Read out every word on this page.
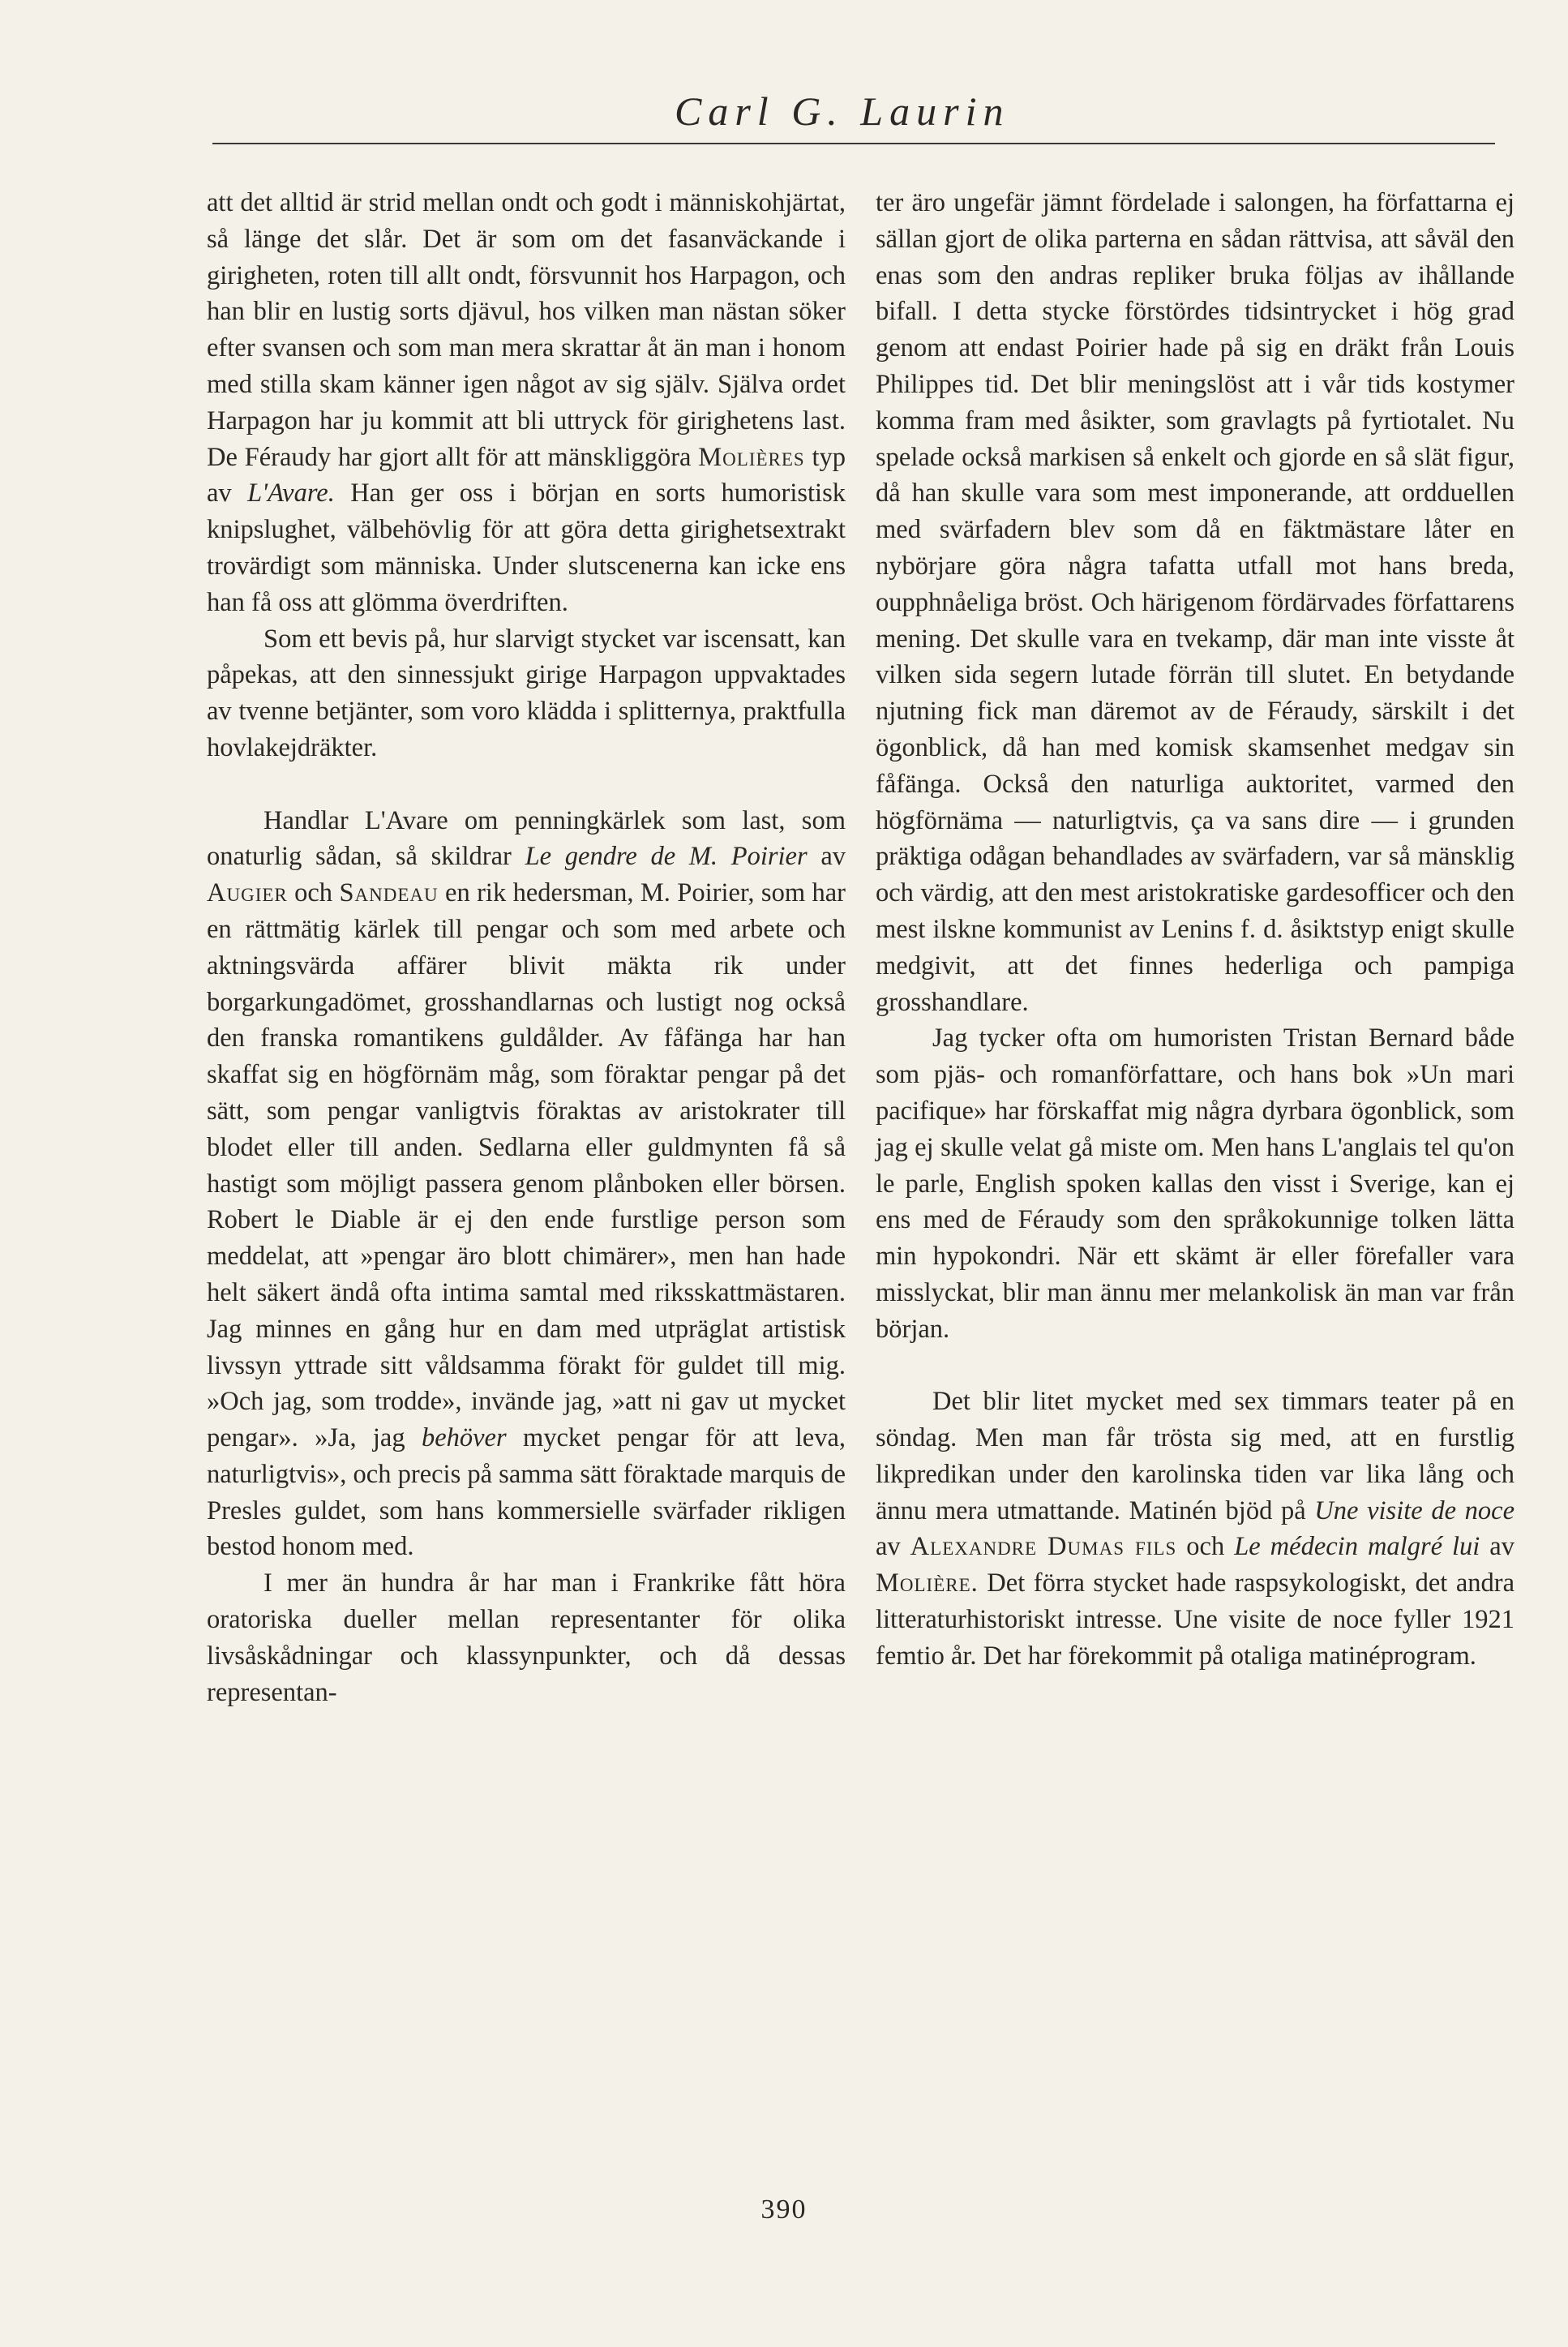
Carl G. Laurin

att det alltid är strid mellan ondt och godt i människohjärtat, så länge det slår. Det är som om det fasanväckande i girigheten, roten till allt ondt, försvunnit hos Harpagon, och han blir en lustig sorts djävul, hos vilken man nästan söker efter svansen och som man mera skrattar åt än man i honom med stilla skam känner igen något av sig själv. Själva ordet Harpagon har ju kommit att bli uttryck för girighetens last. De Féraudy har gjort allt för att mänskliggöra Molières typ av L'Avare. Han ger oss i början en sorts humoristisk knipslughet, välbehövlig för att göra detta girighetsextrakt trovärdigt som människa. Under slutscenerna kan icke ens han få oss att glömma överdriften.

Som ett bevis på, hur slarvigt stycket var iscensatt, kan påpekas, att den sinnessjukt girige Harpagon uppvaktades av tvenne betjänter, som voro klädda i splitternya, praktfulla hovlakejdräkter.

Handlar L'Avare om penningkärlek som last, som onaturlig sådan, så skildrar Le gendre de M. Poirier av Augier och Sandeau en rik hedersman, M. Poirier, som har en rättmätig kärlek till pengar och som med arbete och aktningsvärda affärer blivit mäkta rik under borgarkungadömet, grosshandlarnas och lustigt nog också den franska romantikens guldålder. Av fåfänga har han skaffat sig en högförnäm måg, som föraktar pengar på det sätt, som pengar vanligtvis föraktas av aristokrater till blodet eller till anden. Sedlarna eller guldmynten få så hastigt som möjligt passera genom plånboken eller börsen. Robert le Diable är ej den ende furstlige person som meddelat, att »pengar äro blott chimärer», men han hade helt säkert ändå ofta intima samtal med riksskattmästaren. Jag minnes en gång hur en dam med utpräglat artistisk livssyn yttrade sitt våldsamma förakt för guldet till mig. »Och jag, som trodde», invände jag, »att ni gav ut mycket pengar». »Ja, jag behöver mycket pengar för att leva, naturligtvis», och precis på samma sätt föraktade marquis de Presles guldet, som hans kommersielle svärfader rikligen bestod honom med.

I mer än hundra år har man i Frankrike fått höra oratoriska dueller mellan representanter för olika livsåskådningar och klassynpunkter, och då dessas representan-

ter äro ungefär jämnt fördelade i salongen, ha författarna ej sällan gjort de olika parterna en sådan rättvisa, att såväl den enas som den andras repliker bruka följas av ihållande bifall. I detta stycke förstördes tidsintrycket i hög grad genom att endast Poirier hade på sig en dräkt från Louis Philippes tid. Det blir meningslöst att i vår tids kostymer komma fram med åsikter, som gravlagts på fyrtiotalet. Nu spelade också markisen så enkelt och gjorde en så slät figur, då han skulle vara som mest imponerande, att ordduellen med svärfadern blev som då en fäktmästare låter en nybörjare göra några tafatta utfall mot hans breda, oupphnåeliga bröst. Och härigenom fördärvades författarens mening. Det skulle vara en tvekamp, där man inte visste åt vilken sida segern lutade förrän till slutet. En betydande njutning fick man däremot av de Féraudy, särskilt i det ögonblick, då han med komisk skamsenhet medgav sin fåfänga. Också den naturliga auktoritet, varmed den högförnäma — naturligtvis, ça va sans dire — i grunden präktiga odågan behandlades av svärfadern, var så mänsklig och värdig, att den mest aristokratiske gardesofficer och den mest ilskne kommunist av Lenins f. d. åsiktstyp enigt skulle medgivit, att det finnes hederliga och pampiga grosshandlare.

Jag tycker ofta om humoristen Tristan Bernard både som pjäs- och romanförfattare, och hans bok »Un mari pacifique» har förskaffat mig några dyrbara ögonblick, som jag ej skulle velat gå miste om. Men hans L'anglais tel qu'on le parle, English spoken kallas den visst i Sverige, kan ej ens med de Féraudy som den språkokunnige tolken lätta min hypokondri. När ett skämt är eller förefaller vara misslyckat, blir man ännu mer melankolisk än man var från början.

Det blir litet mycket med sex timmars teater på en söndag. Men man får trösta sig med, att en furstlig likpredikan under den karolinska tiden var lika lång och ännu mera utmattande. Matinén bjöd på Une visite de noce av Alexandre Dumas fils och Le médecin malgré lui av Molière. Det förra stycket hade raspsykologiskt, det andra litteraturhistoriskt intresse. Une visite de noce fyller 1921 femtio år. Det har förekommit på otaliga matinéprogram.

390
